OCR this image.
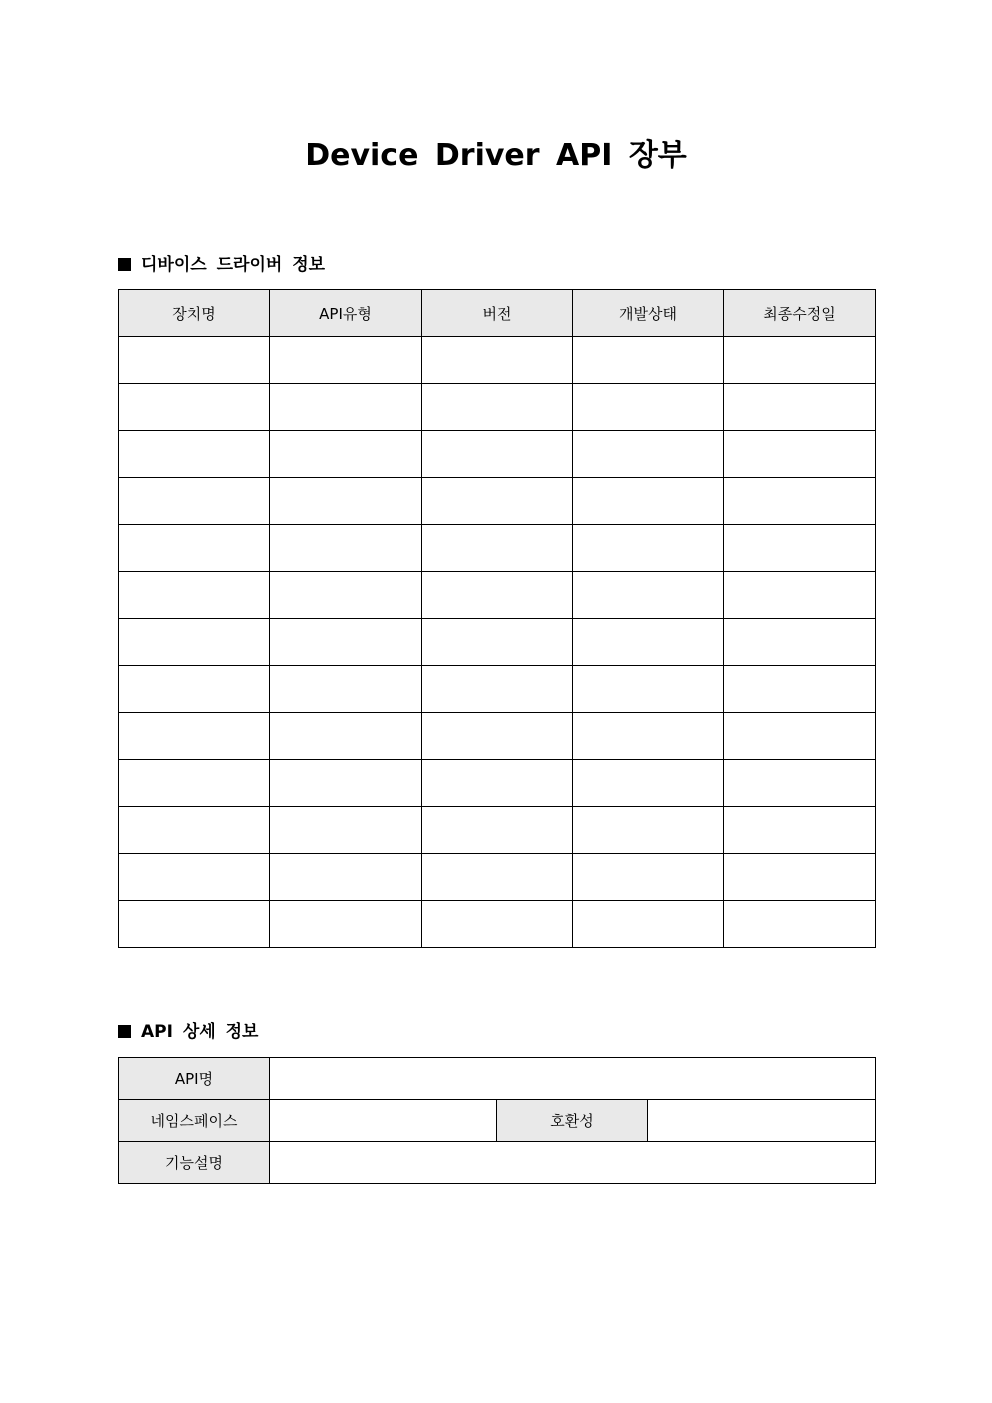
Device Driver API 장부
디바이스 드라이버 정보
장치명	API유형	버전	개발상태	최종수정일

API 상세 정보
API명			
네임스페이스		호환성	
기능설명			
